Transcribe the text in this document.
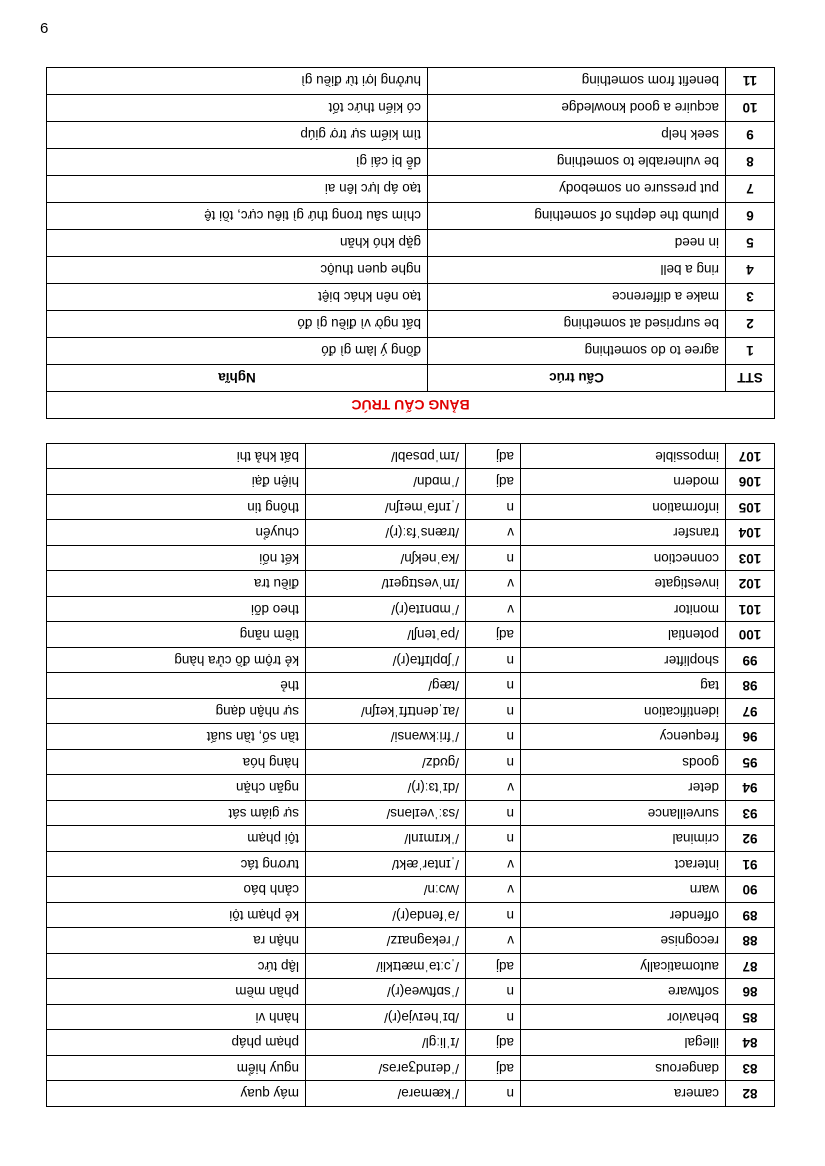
6
82	camera	n	/ˈkæmərə/	máy quay
83	dangerous	adj	/ˈdeɪndʒərəs/	nguy hiểm
84	illegal	adj	/ɪˈliːɡl/	phạm pháp
85	behavior	n	/bɪˈheɪvjə(r)/	hành vi
86	software	n	/ˈsɒftweə(r)/	phần mềm
87	automatically	adj	/ˌɔːtəˈmætɪkli/	lập tức
88	recognise	v	/ˈrekəɡnaɪz/	nhận ra
89	offender	n	/əˈfendə(r)/	kẻ phạm tội
90	warn	v	/wɔːn/	cảnh báo
91	interact	v	/ˌɪntərˈækt/	tương tác
92	criminal	n	/ˈkrɪmɪnl/	tội phạm
93	surveillance	n	/sɜːˈveɪləns/	sự giám sát
94	deter	v	/dɪˈtɜː(r)/	ngăn chặn
95	goods	n	/ɡʊdz/	hàng hóa
96	frequency	n	/ˈfriːkwənsi/	tần số, tần suất
97	identification	n	/aɪˌdentɪfɪˈkeɪʃn/	sự nhận dạng
98	tag	n	/tæɡ/	thẻ
99	shoplifter	n	/ˈʃɒplɪftə(r)/	kẻ trộm đồ cửa hàng
100	potential	adj	/pəˈtenʃl/	tiềm năng
101	monitor	v	/ˈmɒnɪtə(r)/	theo dõi
102	investigate	v	/ɪnˈvestɪɡeɪt/	điều tra
103	connection	n	/kəˈnekʃn/	kết nối
104	transfer	v	/trænsˈfɜː(r)/	chuyển
105	information	n	/ˌɪnfəˈmeɪʃn/	thông tin
106	modern	adj	/ˈmɒdn/	hiện đại
107	impossible	adj	/ɪmˈpɒsəbl/	bất khả thi
BẢNG CẤU TRÚC		
STT	Cấu trúc	Nghĩa
1	agree to do something	đồng ý làm gì đó
2	be surprised at something	bất ngờ vì điều gì đó
3	make a difference	tạo nên khác biệt
4	ring a bell	nghe quen thuộc
5	in need	gặp khó khăn
6	plumb the depths of something	chìm sâu trong thứ gì tiêu cực, tồi tệ
7	put pressure on somebody	tạo áp lực lên ai
8	be vulnerable to something	dễ bị cái gì
9	seek help	tìm kiếm sự trợ giúp
10	acquire a good knowledge	có kiến thức tốt
11	benefit from something	hưởng lợi từ điều gì
